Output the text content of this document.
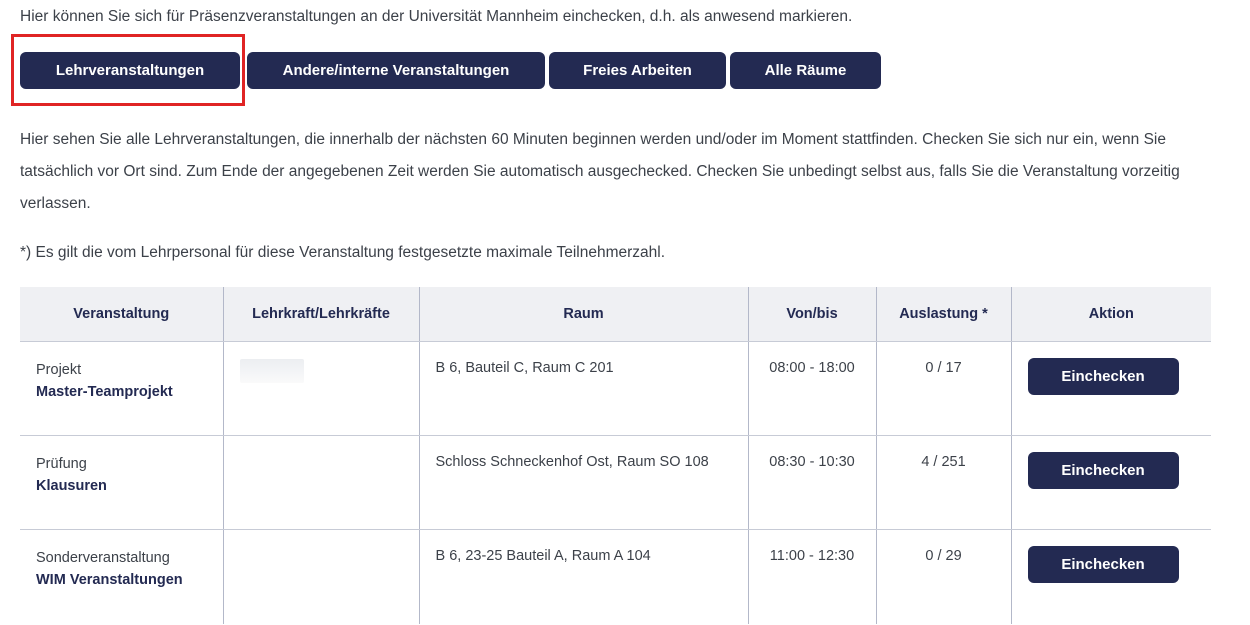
Hier können Sie sich für Präsenzveranstaltungen an der Universität Mannheim einchecken, d.h. als anwesend markieren.
Lehrveranstaltungen	Andere/interne Veranstaltungen	Freies Arbeiten	Alle Räume

Hier sehen Sie alle Lehrveranstaltungen, die innerhalb der nächsten 60 Minuten beginnen werden und/oder im Moment stattfinden. Checken Sie sich nur ein, wenn Sie tatsächlich vor Ort sind. Zum Ende der angegebenen Zeit werden Sie automatisch ausgechecked. Checken Sie unbedingt selbst aus, falls Sie die Veranstaltung vorzeitig verlassen.

*) Es gilt die vom Lehrpersonal für diese Veranstaltung festgesetzte maximale Teilnehmerzahl.
Veranstaltung	Lehrkraft/Lehrkräfte	Raum	Von/bis	Auslastung *	Aktion

Projekt
Master-Teamprojekt		B 6, Bauteil C, Raum C 201	08:00 - 18:00	0 / 17	Einchecken

Prüfung
Klausuren		Schloss Schneckenhof Ost, Raum SO 108	08:30 - 10:30	4 / 251	Einchecken

Sonderveranstaltung
WIM Veranstaltungen		B 6, 23-25 Bauteil A, Raum A 104	11:00 - 12:30	0 / 29	Einchecken
